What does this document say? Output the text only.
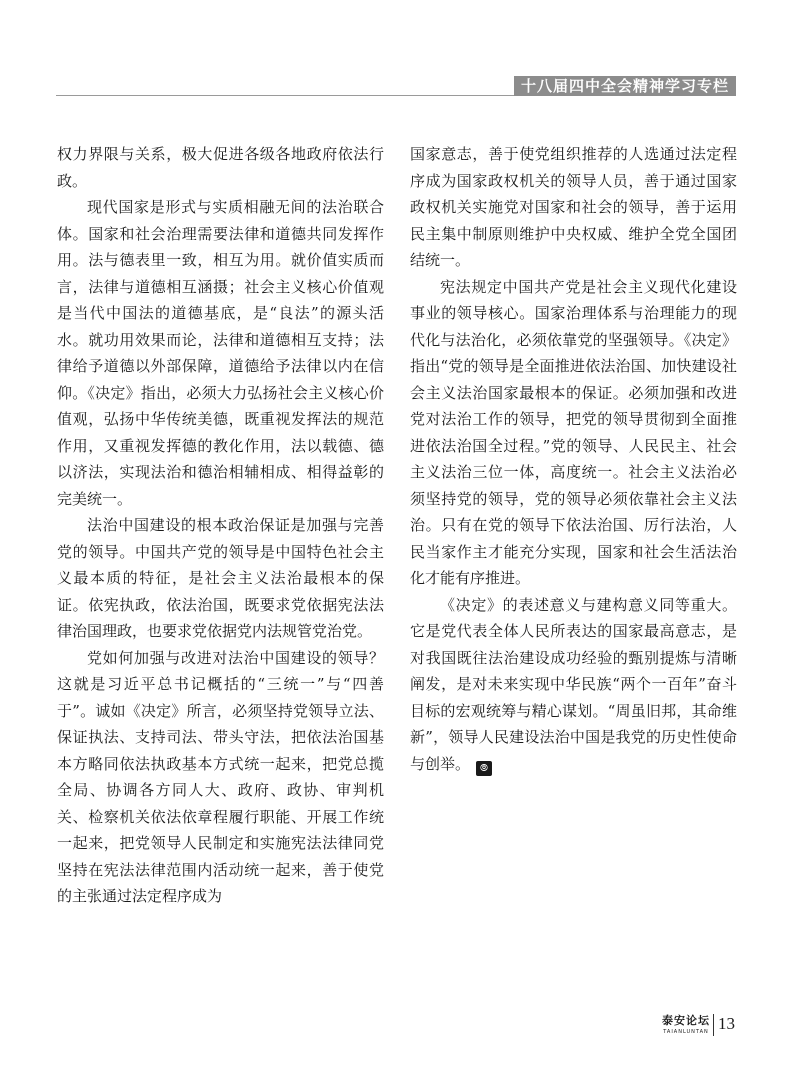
十八届四中全会精神学习专栏

权力界限与关系，极大促进各级各地政府依法行政。

现代国家是形式与实质相融无间的法治联合体。国家和社会治理需要法律和道德共同发挥作用。法与德表里一致，相互为用。就价值实质而言，法律与道德相互涵摄；社会主义核心价值观是当代中国法的道德基底，是“良法”的源头活水。就功用效果而论，法律和道德相互支持；法律给予道德以外部保障，道德给予法律以内在信仰。《决定》指出，必须大力弘扬社会主义核心价值观，弘扬中华传统美德，既重视发挥法的规范作用，又重视发挥德的教化作用，法以载德、德以济法，实现法治和德治相辅相成、相得益彰的完美统一。

法治中国建设的根本政治保证是加强与完善党的领导。中国共产党的领导是中国特色社会主义最本质的特征，是社会主义法治最根本的保证。依宪执政，依法治国，既要求党依据宪法法律治国理政，也要求党依据党内法规管党治党。

党如何加强与改进对法治中国建设的领导？这就是习近平总书记概括的“三统一”与“四善于”。诚如《决定》所言，必须坚持党领导立法、保证执法、支持司法、带头守法，把依法治国基本方略同依法执政基本方式统一起来，把党总揽全局、协调各方同人大、政府、政协、审判机关、检察机关依法依章程履行职能、开展工作统一起来，把党领导人民制定和实施宪法法律同党坚持在宪法法律范围内活动统一起来，善于使党的主张通过法定程序成为

国家意志，善于使党组织推荐的人选通过法定程序成为国家政权机关的领导人员，善于通过国家政权机关实施党对国家和社会的领导，善于运用民主集中制原则维护中央权威、维护全党全国团结统一。

宪法规定中国共产党是社会主义现代化建设事业的领导核心。国家治理体系与治理能力的现代化与法治化，必须依靠党的坚强领导。《决定》指出“党的领导是全面推进依法治国、加快建设社会主义法治国家最根本的保证。必须加强和改进党对法治工作的领导，把党的领导贯彻到全面推进依法治国全过程。”党的领导、人民民主、社会主义法治三位一体，高度统一。社会主义法治必须坚持党的领导，党的领导必须依靠社会主义法治。只有在党的领导下依法治国、厉行法治，人民当家作主才能充分实现，国家和社会生活法治化才能有序推进。

《决定》的表述意义与建构意义同等重大。它是党代表全体人民所表达的国家最高意志，是对我国既往法治建设成功经验的甄别提炼与清晰阐发，是对未来实现中华民族“两个一百年”奋斗目标的宏观统筹与精心谋划。“周虽旧邦，其命维新”，领导人民建设法治中国是我党的历史性使命与创举。 ⦾

泰安论坛
TAIANLUNTAN 13
